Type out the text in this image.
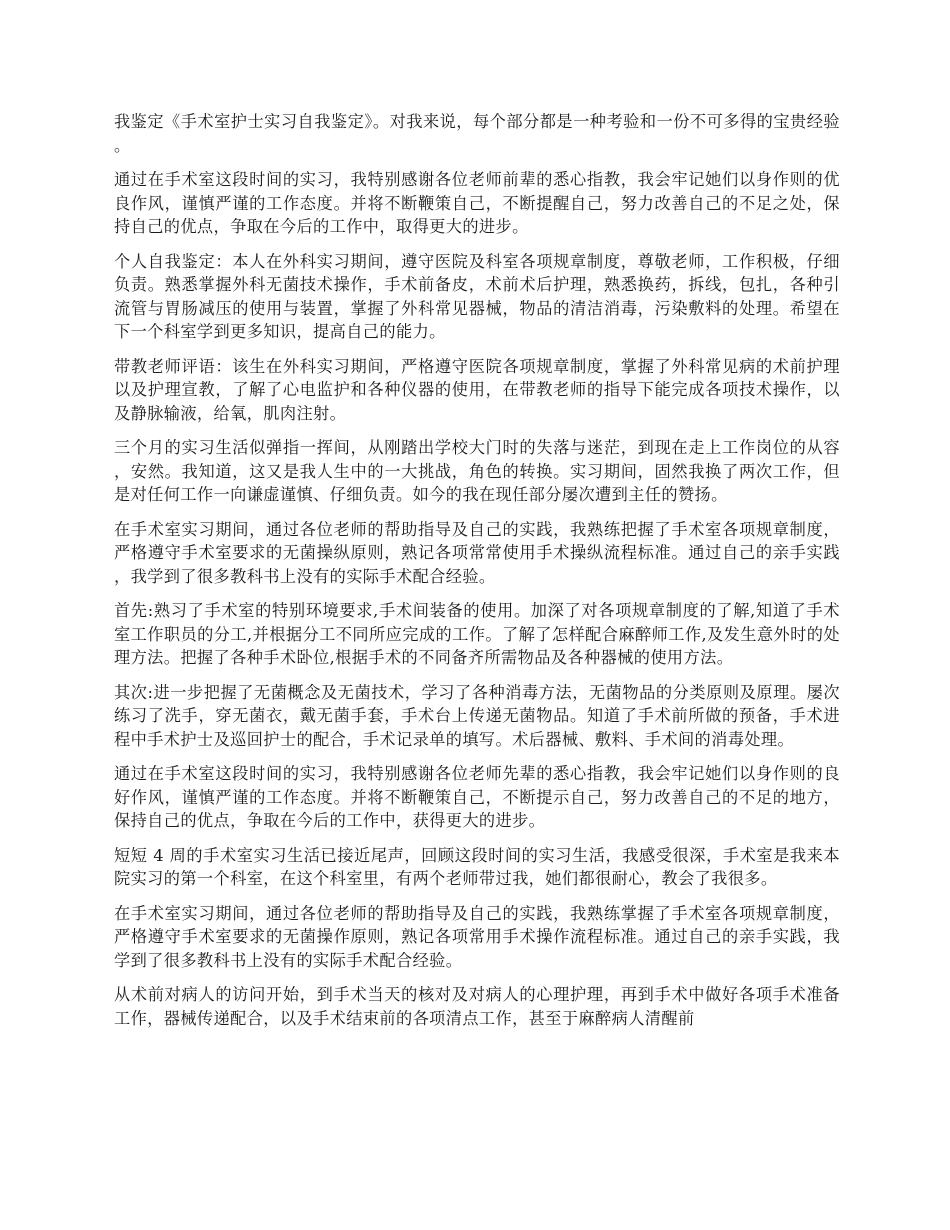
我鉴定《手术室护士实习自我鉴定》。对我来说，每个部分都是一种考验和一份不可多得的宝贵经验。

通过在手术室这段时间的实习，我特别感谢各位老师前辈的悉心指教，我会牢记她们以身作则的优良作风，谨慎严谨的工作态度。并将不断鞭策自己，不断提醒自己，努力改善自己的不足之处，保持自己的优点，争取在今后的工作中，取得更大的进步。

个人自我鉴定：本人在外科实习期间，遵守医院及科室各项规章制度，尊敬老师，工作积极，仔细负责。熟悉掌握外科无菌技术操作，手术前备皮，术前术后护理，熟悉换药，拆线，包扎，各种引流管与胃肠减压的使用与装置，掌握了外科常见器械，物品的清洁消毒，污染敷料的处理。希望在下一个科室学到更多知识，提高自己的能力。

带教老师评语：该生在外科实习期间，严格遵守医院各项规章制度，掌握了外科常见病的术前护理以及护理宣教，了解了心电监护和各种仪器的使用，在带教老师的指导下能完成各项技术操作，以及静脉输液，给氧，肌肉注射。

三个月的实习生活似弹指一挥间，从刚踏出学校大门时的失落与迷茫，到现在走上工作岗位的从容，安然。我知道，这又是我人生中的一大挑战，角色的转换。实习期间，固然我换了两次工作，但是对任何工作一向谦虚谨慎、仔细负责。如今的我在现任部分屡次遭到主任的赞扬。

在手术室实习期间，通过各位老师的帮助指导及自己的实践，我熟练把握了手术室各项规章制度，严格遵守手术室要求的无菌操纵原则，熟记各项常常使用手术操纵流程标准。通过自己的亲手实践，我学到了很多教科书上没有的实际手术配合经验。

首先:熟习了手术室的特别环境要求,手术间装备的使用。加深了对各项规章制度的了解,知道了手术室工作职员的分工,并根据分工不同所应完成的工作。了解了怎样配合麻醉师工作,及发生意外时的处理方法。把握了各种手术卧位,根据手术的不同备齐所需物品及各种器械的使用方法。

其次:进一步把握了无菌概念及无菌技术，学习了各种消毒方法，无菌物品的分类原则及原理。屡次练习了洗手，穿无菌衣，戴无菌手套，手术台上传递无菌物品。知道了手术前所做的预备，手术进程中手术护士及巡回护士的配合，手术记录单的填写。术后器械、敷料、手术间的消毒处理。

通过在手术室这段时间的实习，我特别感谢各位老师先辈的悉心指教，我会牢记她们以身作则的良好作风，谨慎严谨的工作态度。并将不断鞭策自己，不断提示自己，努力改善自己的不足的地方，保持自己的优点，争取在今后的工作中，获得更大的进步。

短短 4 周的手术室实习生活已接近尾声，回顾这段时间的实习生活，我感受很深，手术室是我来本院实习的第一个科室，在这个科室里，有两个老师带过我，她们都很耐心，教会了我很多。

在手术室实习期间，通过各位老师的帮助指导及自己的实践，我熟练掌握了手术室各项规章制度，严格遵守手术室要求的无菌操作原则，熟记各项常用手术操作流程标准。通过自己的亲手实践，我学到了很多教科书上没有的实际手术配合经验。

从术前对病人的访问开始，到手术当天的核对及对病人的心理护理，再到手术中做好各项手术准备工作，器械传递配合，以及手术结束前的各项清点工作，甚至于麻醉病人清醒前
